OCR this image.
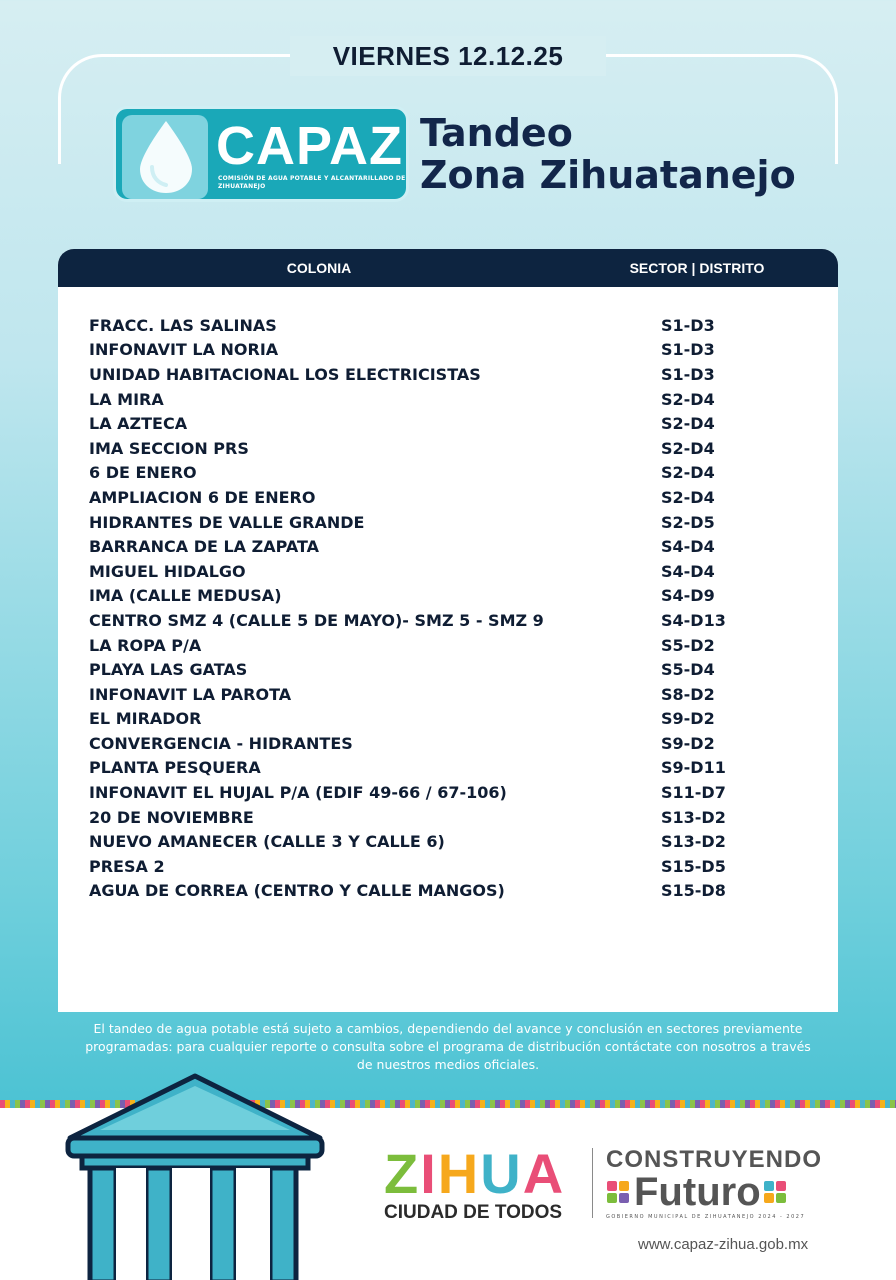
VIERNES 12.12.25
CAPAZ
COMISIÓN DE AGUA POTABLE Y ALCANTARILLADO DE ZIHUATANEJO
Tandeo
Zona Zihuatanejo
COLONIA	SECTOR | DISTRITO
FRACC. LAS SALINAS	S1-D3
INFONAVIT LA NORIA	S1-D3
UNIDAD HABITACIONAL LOS ELECTRICISTAS	S1-D3
LA MIRA	S2-D4
LA AZTECA	S2-D4
IMA SECCION PRS	S2-D4
6 DE ENERO	S2-D4
AMPLIACION 6 DE ENERO	S2-D4
HIDRANTES DE VALLE GRANDE	S2-D5
BARRANCA DE LA ZAPATA	S4-D4
MIGUEL HIDALGO	S4-D4
IMA (CALLE MEDUSA)	S4-D9
CENTRO SMZ 4 (CALLE 5 DE MAYO)- SMZ 5 - SMZ 9	S4-D13
LA ROPA P/A	S5-D2
PLAYA LAS GATAS	S5-D4
INFONAVIT LA PAROTA	S8-D2
EL MIRADOR	S9-D2
CONVERGENCIA - HIDRANTES	S9-D2
PLANTA PESQUERA	S9-D11
INFONAVIT EL HUJAL P/A (EDIF 49-66 / 67-106)	S11-D7
20 DE NOVIEMBRE	S13-D2
NUEVO AMANECER (CALLE 3 Y CALLE 6)	S13-D2
PRESA 2	S15-D5
AGUA DE CORREA (CENTRO Y CALLE MANGOS)	S15-D8
El tandeo de agua potable está sujeto a cambios, dependiendo del avance y conclusión en sectores previamente programadas: para cualquier reporte o consulta sobre el programa de distribución contáctate con nosotros a través de nuestros medios oficiales.
ZIHUA
CIUDAD DE TODOS
CONSTRUYENDO
Futuro
GOBIERNO MUNICIPAL DE ZIHUATANEJO 2024 - 2027
www.capaz-zihua.gob.mx
